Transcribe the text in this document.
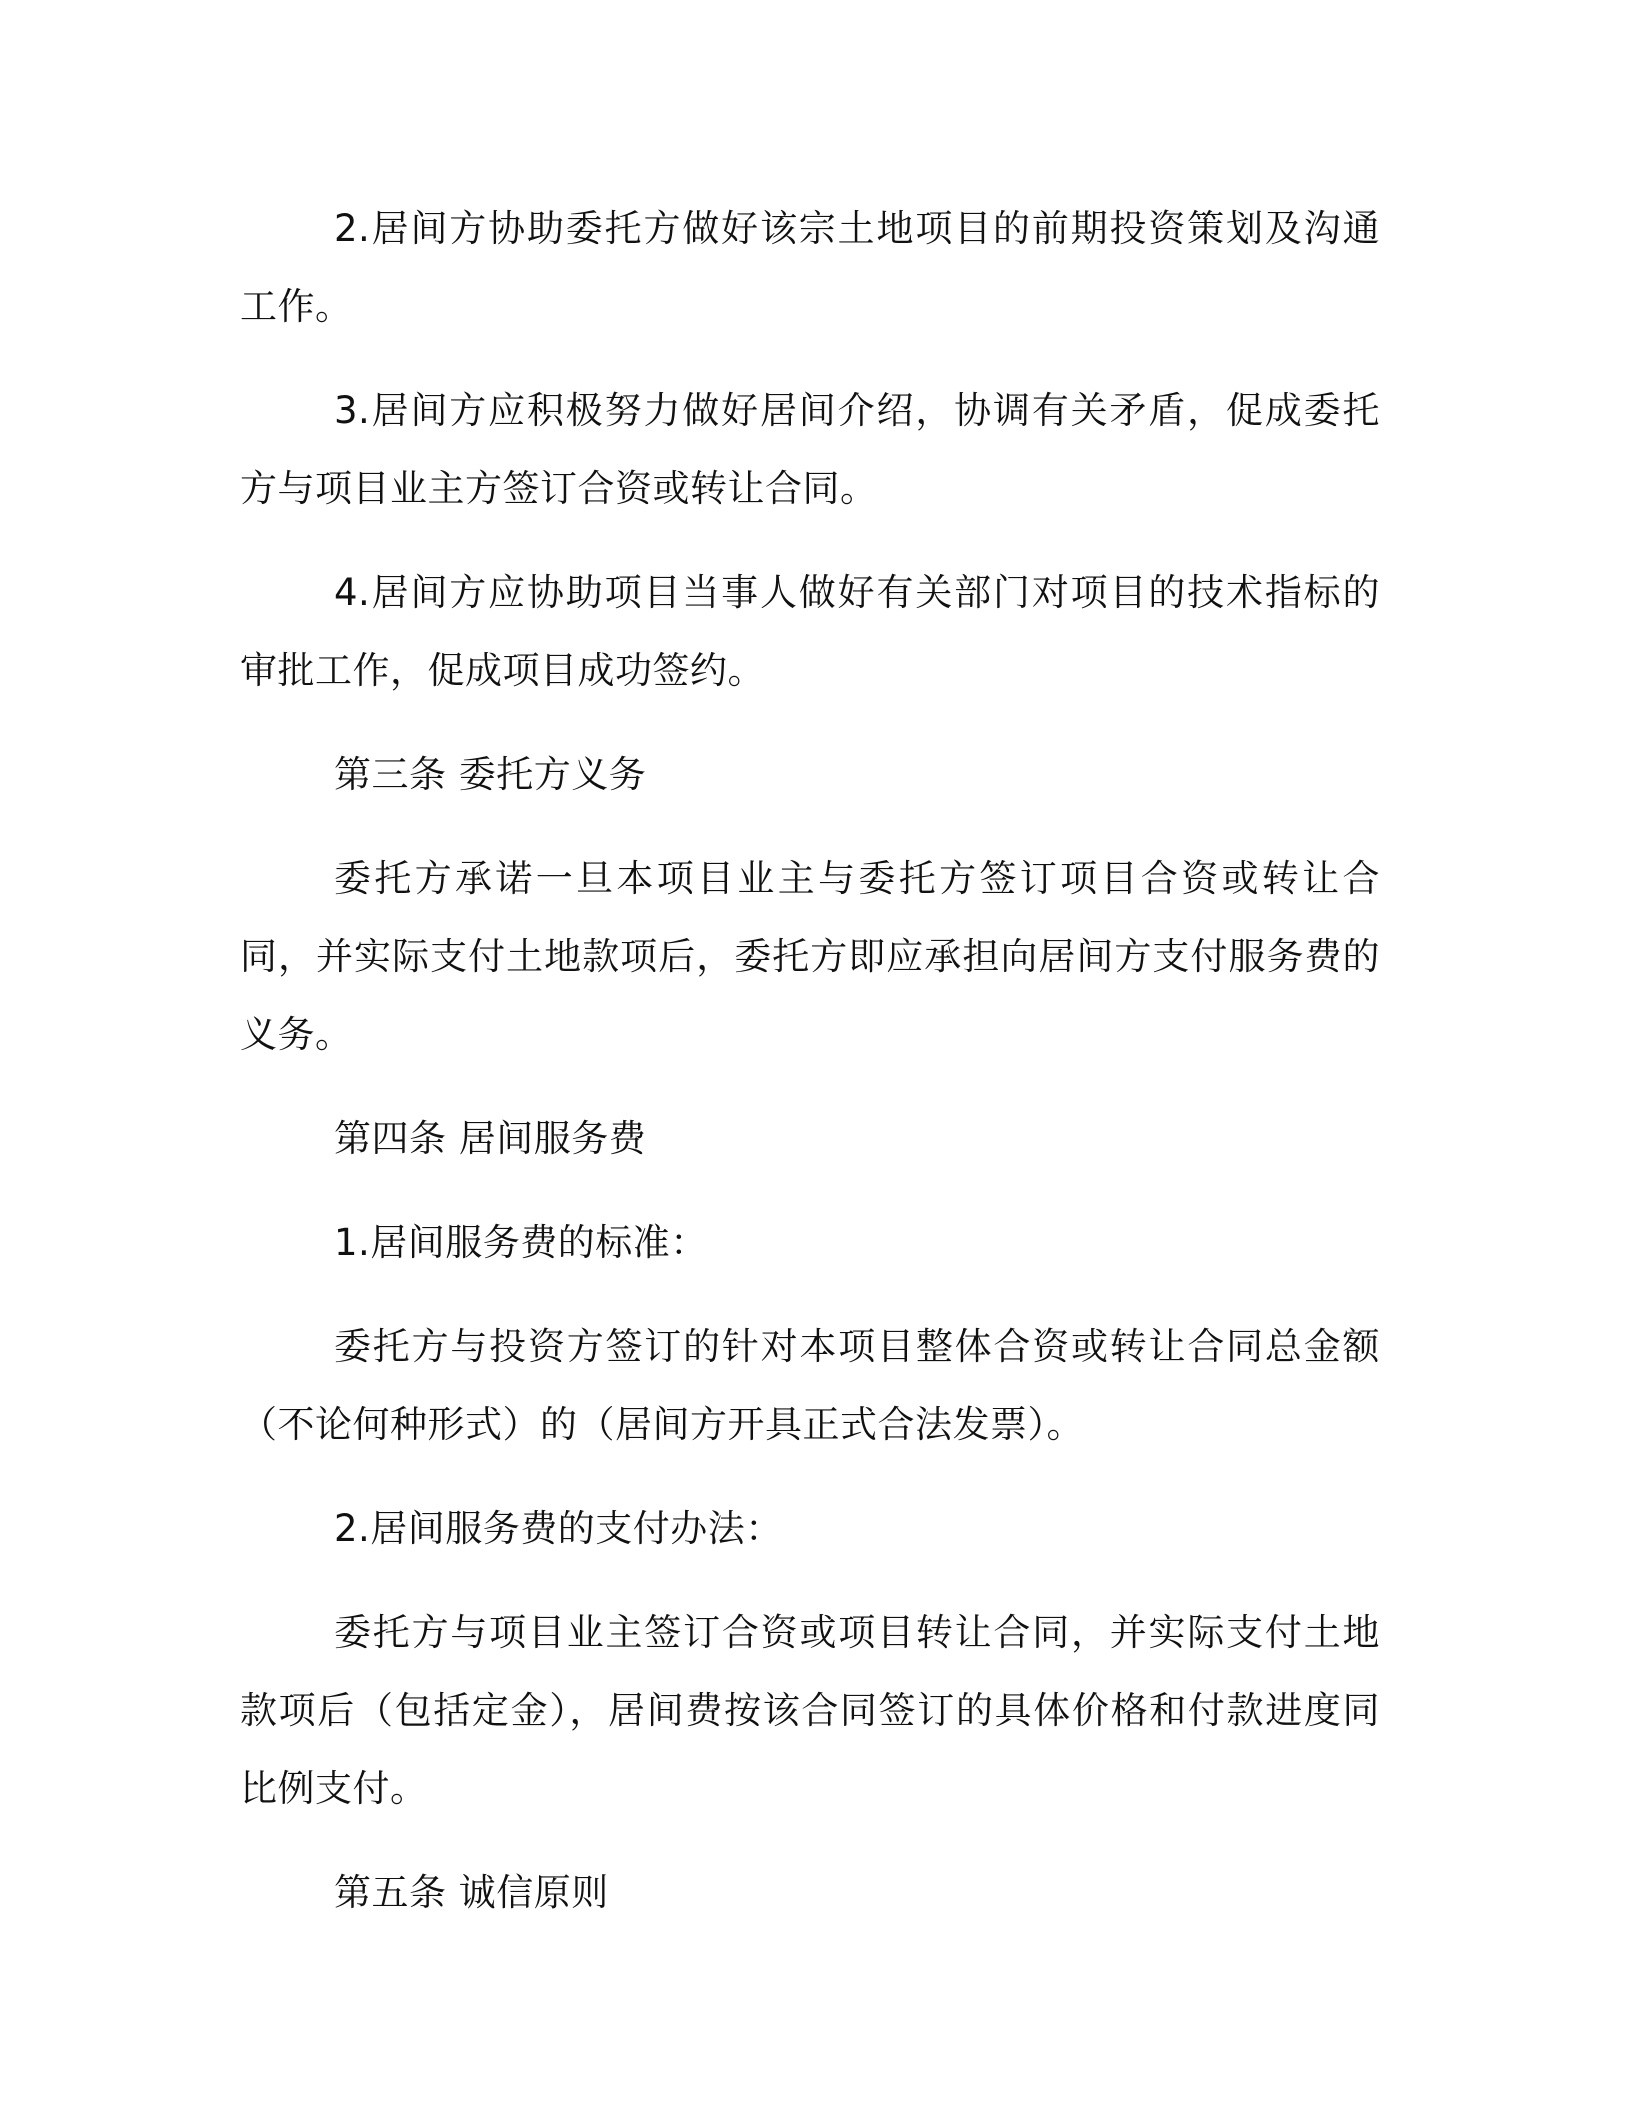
2.居间方协助委托方做好该宗土地项目的前期投资策划及沟通工作。

3.居间方应积极努力做好居间介绍，协调有关矛盾，促成委托方与项目业主方签订合资或转让合同。

4.居间方应协助项目当事人做好有关部门对项目的技术指标的审批工作，促成项目成功签约。

第三条 委托方义务

委托方承诺一旦本项目业主与委托方签订项目合资或转让合同，并实际支付土地款项后，委托方即应承担向居间方支付服务费的义务。

第四条 居间服务费

1.居间服务费的标准：

委托方与投资方签订的针对本项目整体合资或转让合同总金额（不论何种形式）的（居间方开具正式合法发票）。

2.居间服务费的支付办法：

委托方与项目业主签订合资或项目转让合同，并实际支付土地款项后（包括定金），居间费按该合同签订的具体价格和付款进度同比例支付。

第五条 诚信原则
